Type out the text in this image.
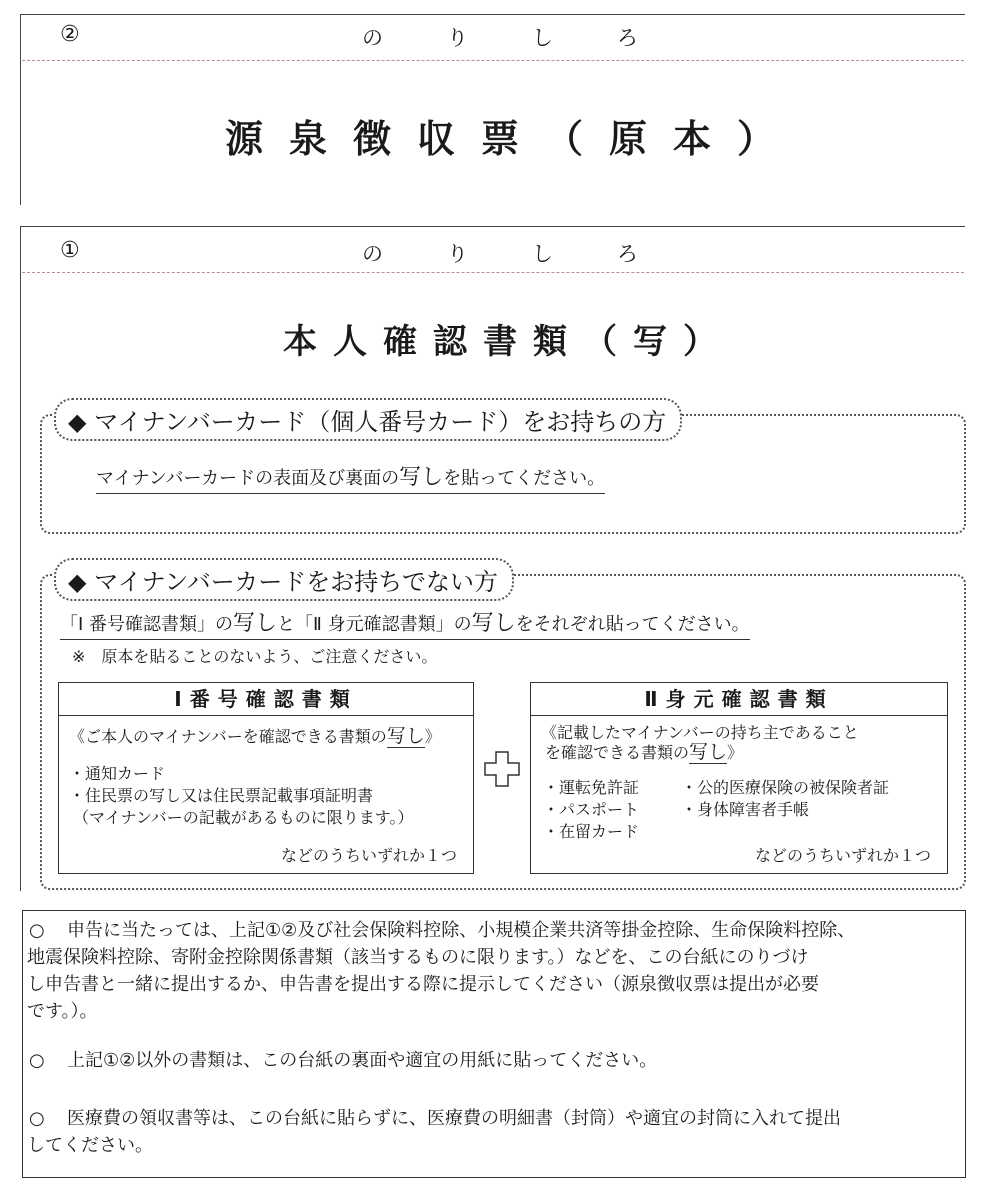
②	のりしろ
源泉徴収票（原本）
①	のりしろ
本人確認書類（写）
◆ マイナンバーカード（個人番号カード）をお持ちの方
マイナンバーカードの表面及び裏面の写しを貼ってください。
◆ マイナンバーカードをお持ちでない方
「Ⅰ 番号確認書類」の写しと「Ⅱ 身元確認書類」の写しをそれぞれ貼ってください。
※　原本を貼ることのないよう、ご注意ください。
Ⅰ番号確認書類
《ご本人のマイナンバーを確認できる書類の写し》
・通知カード
・住民票の写し又は住民票記載事項証明書
（マイナンバーの記載があるものに限ります。）
などのうちいずれか１つ
Ⅱ身元確認書類
《記載したマイナンバーの持ち主であること
を確認できる書類の写し》
・運転免許証
・パスポート
・在留カード
・公的医療保険の被保険者証
・身体障害者手帳
などのうちいずれか１つ
○ 申告に当たっては、上記①②及び社会保険料控除、小規模企業共済等掛金控除、生命保険料控除、
地震保険料控除、寄附金控除関係書類（該当するものに限ります。）などを、この台紙にのりづけ
し申告書と一緒に提出するか、申告書を提出する際に提示してください（源泉徴収票は提出が必要
です。）。
○ 上記①②以外の書類は、この台紙の裏面や適宜の用紙に貼ってください。
○ 医療費の領収書等は、この台紙に貼らずに、医療費の明細書（封筒）や適宜の封筒に入れて提出
してください。
